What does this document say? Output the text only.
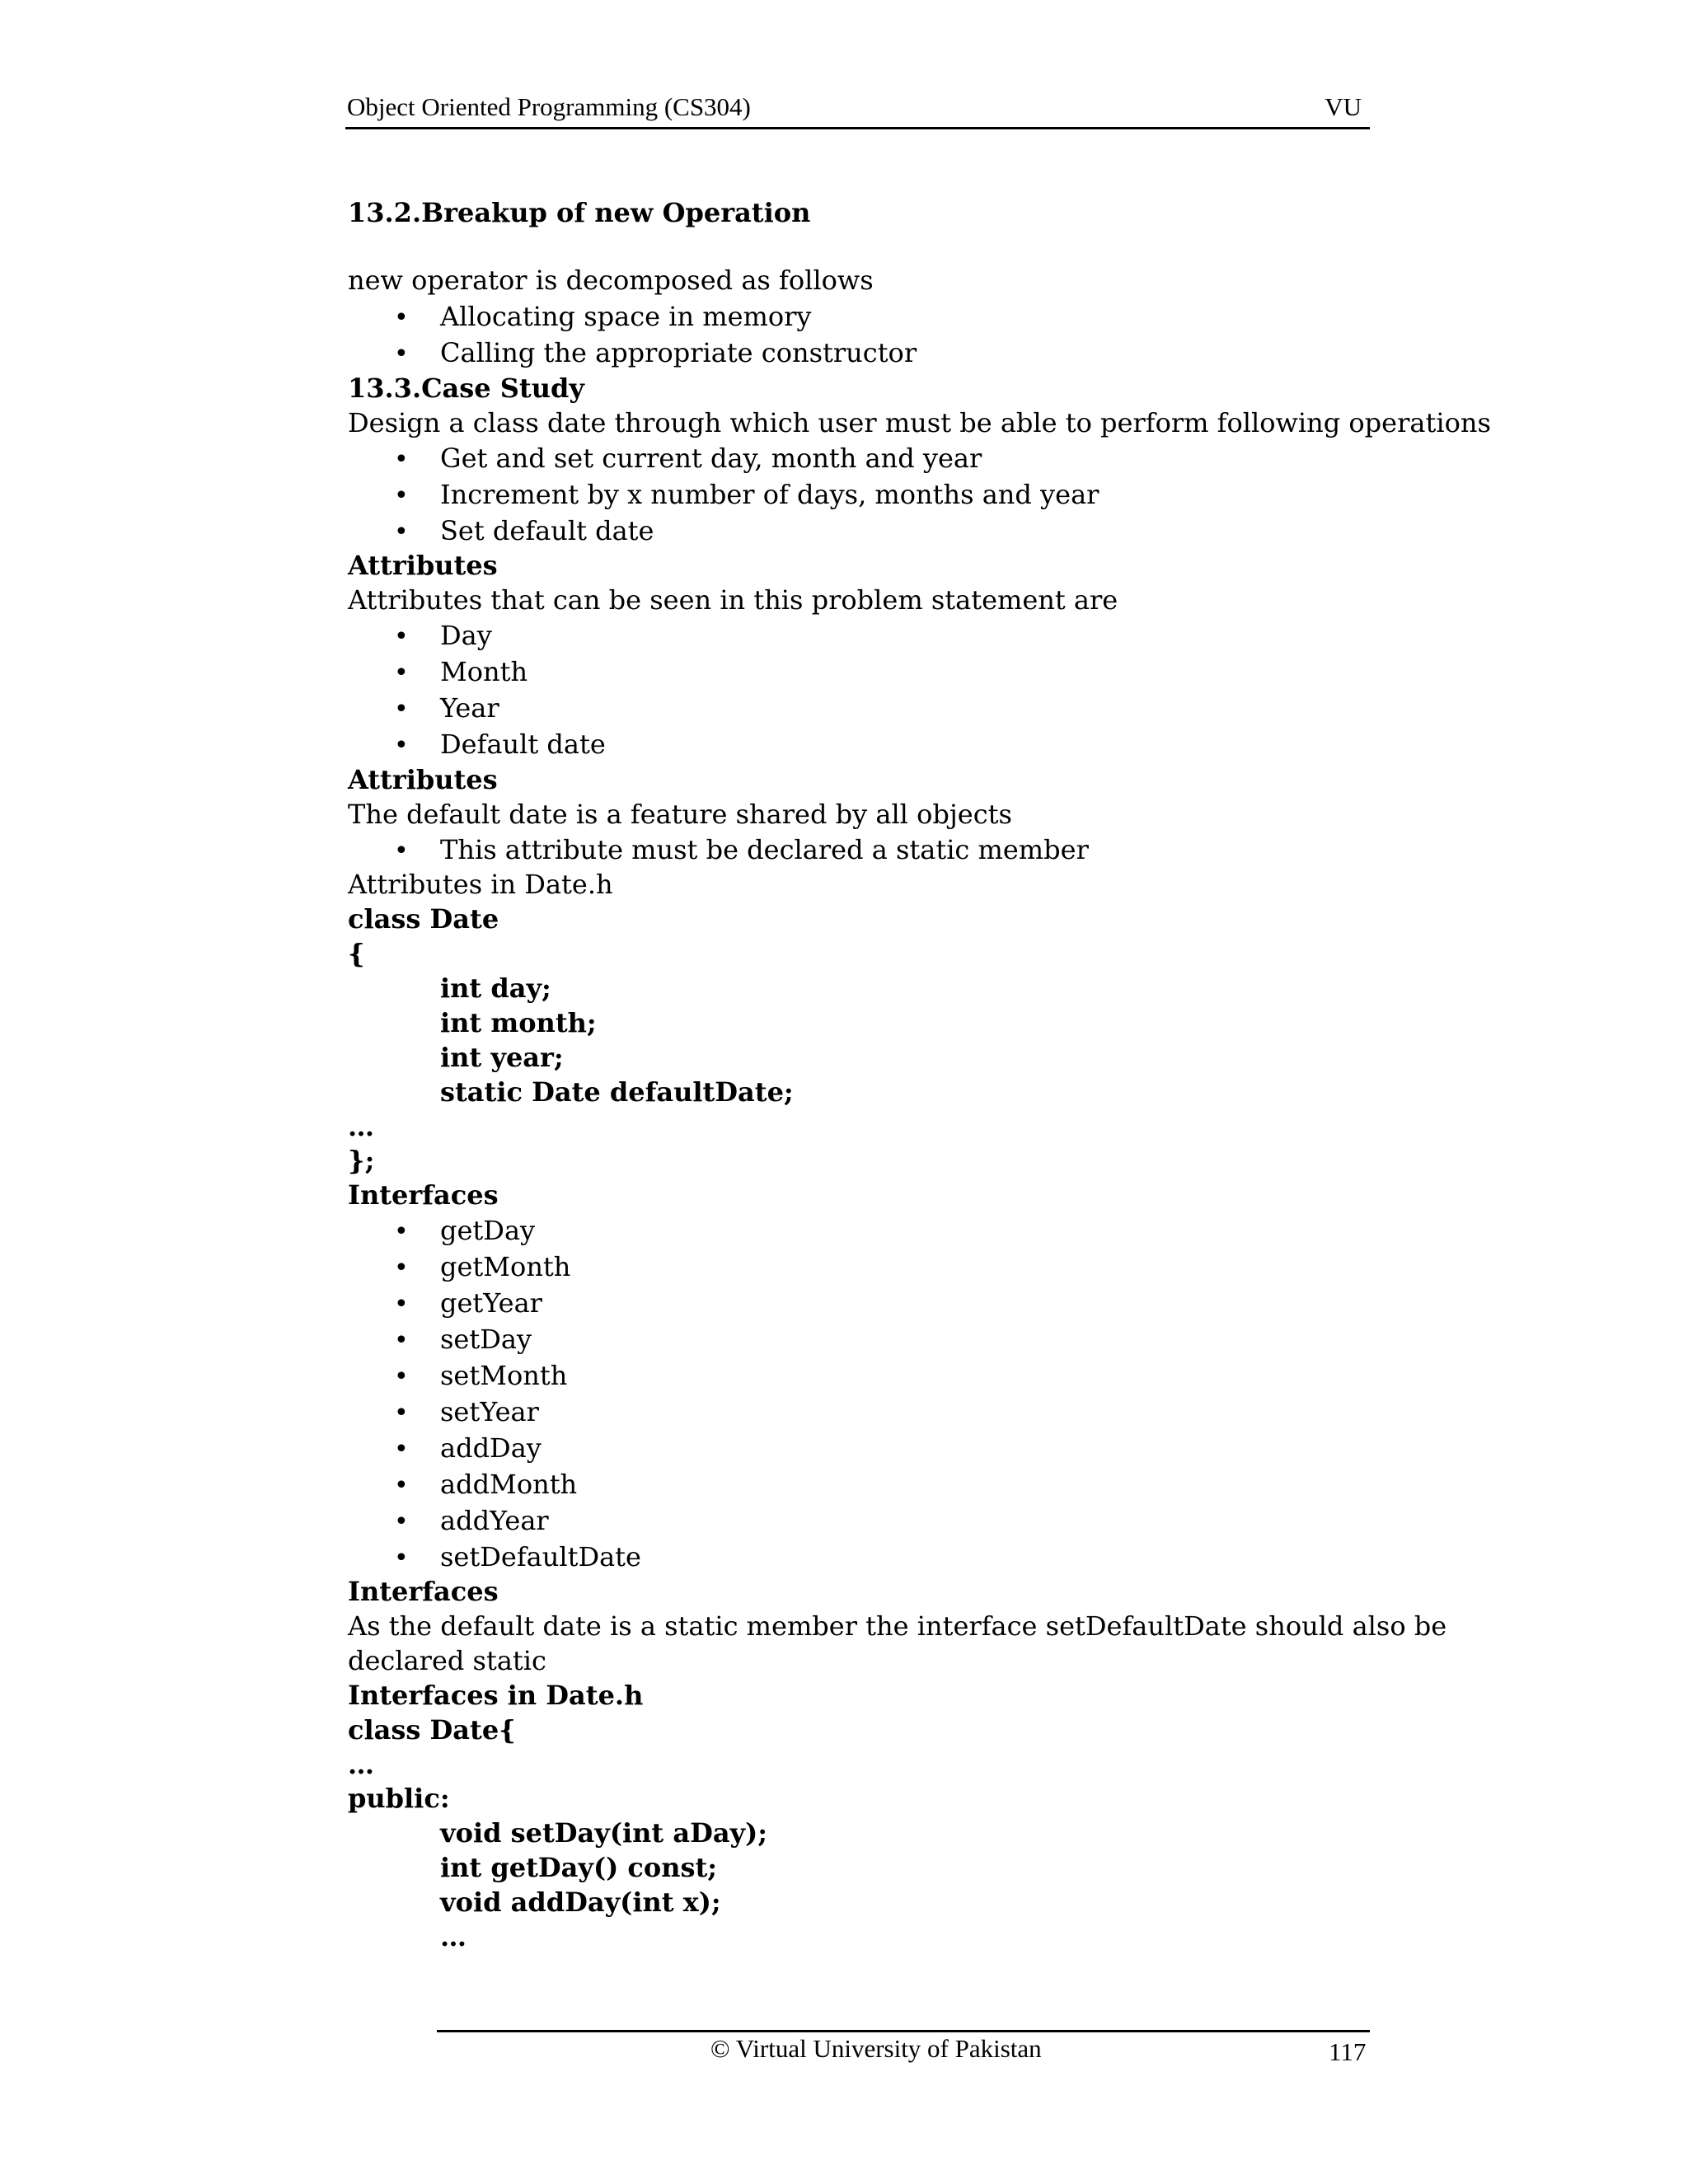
Object Oriented Programming (CS304)	VU
13.2.Breakup of new Operation
new operator is decomposed as follows
• Allocating space in memory
• Calling the appropriate constructor
13.3.Case Study
Design a class date through which user must be able to perform following operations
• Get and set current day, month and year
• Increment by x number of days, months and year
• Set default date
Attributes
Attributes that can be seen in this problem statement are
• Day
• Month
• Year
• Default date
Attributes
The default date is a feature shared by all objects
• This attribute must be declared a static member
Attributes in Date.h
class Date
{
int day;
int month;
int year;
static Date defaultDate;
…
};
Interfaces
• getDay
• getMonth
• getYear
• setDay
• setMonth
• setYear
• addDay
• addMonth
• addYear
• setDefaultDate
Interfaces
As the default date is a static member the interface setDefaultDate should also be
declared static
Interfaces in Date.h
class Date{
…
public:
void setDay(int aDay);
int getDay() const;
void addDay(int x);
…
© Virtual University of Pakistan	117
